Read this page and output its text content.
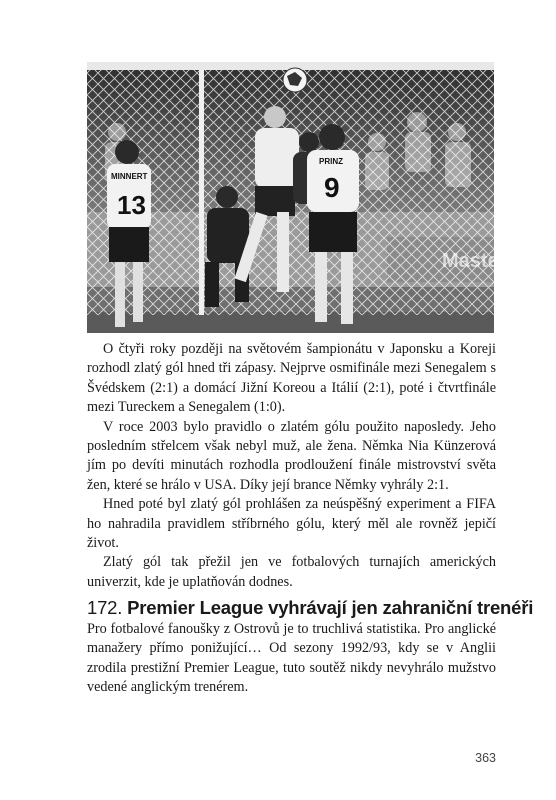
13
MINNERT	9
PRINZ

O čtyři roky později na světovém šampionátu v Japonsku a Koreji rozhodl zlatý gól hned tři zápasy. Nejprve osmifinále mezi Senegalem s Švédskem (2:1) a domácí Jižní Koreou a Itálií (2:1), poté i čtvrtfinále mezi Tureckem a Senegalem (1:0).

V roce 2003 bylo pravidlo o zlatém gólu použito naposledy. Jeho posledním střelcem však nebyl muž, ale žena. Němka Nia Künzerová jím po devíti minutách rozhodla prodloužení finále mistrovství světa žen, které se hrálo v USA. Díky její brance Němky vyhrály 2:1.

Hned poté byl zlatý gól prohlášen za neúspěšný experiment a FIFA ho nahradila pravidlem stříbrného gólu, který měl ale rovněž jepičí život.

Zlatý gól tak přežil jen ve fotbalových turnajích amerických univerzit, kde je uplatňován dodnes.

172. Premier League vyhrávají jen zahraniční trenéři

Pro fotbalové fanoušky z Ostrovů je to truchlivá statistika. Pro anglické manažery přímo ponižující… Od sezony 1992/93, kdy se v Anglii zrodila prestižní Premier League, tuto soutěž nikdy nevyhrálo mužstvo vedené anglickým trenérem.

363
